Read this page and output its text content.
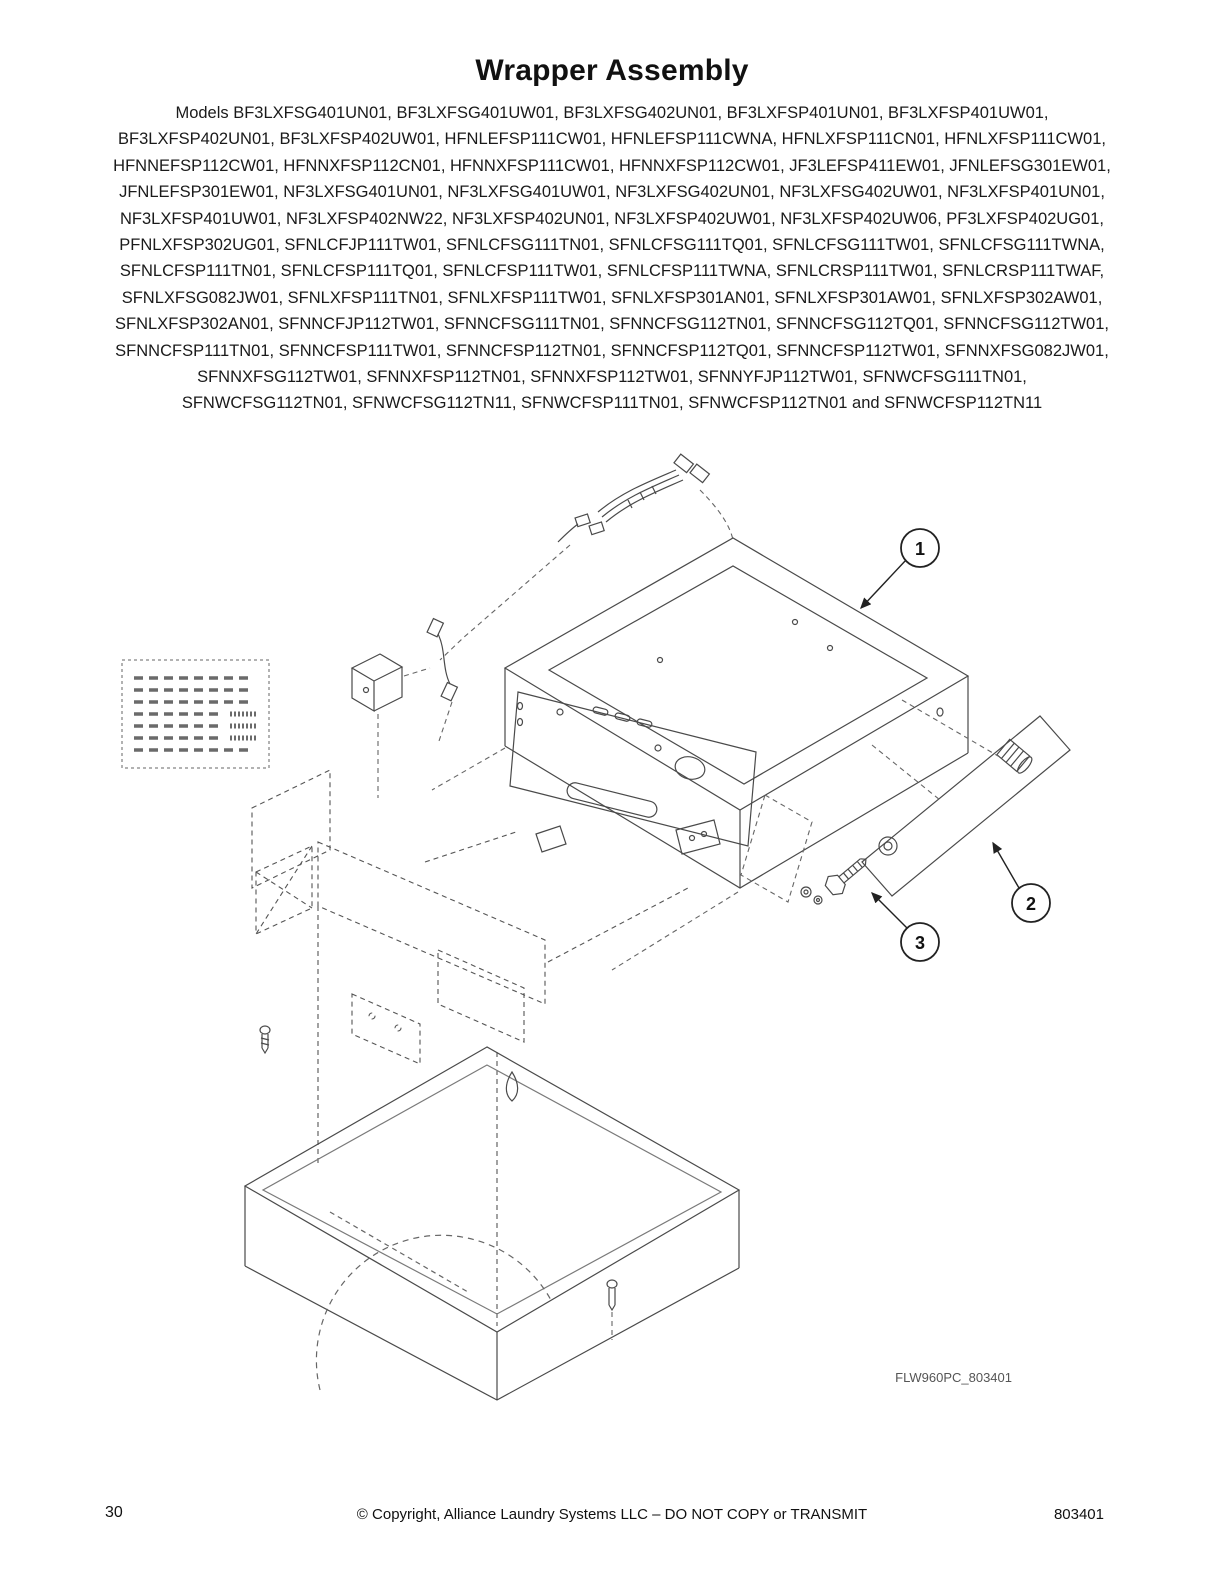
Wrapper Assembly
Models BF3LXFSG401UN01, BF3LXFSG401UW01, BF3LXFSG402UN01, BF3LXFSP401UN01, BF3LXFSP401UW01, BF3LXFSP402UN01, BF3LXFSP402UW01, HFNLEFSP111CW01, HFNLEFSP111CWNA, HFNLXFSP111CN01, HFNLXFSP111CW01, HFNNEFSP112CW01, HFNNXFSP112CN01, HFNNXFSP111CW01, HFNNXFSP112CW01, JF3LEFSP411EW01, JFNLEFSG301EW01, JFNLEFSP301EW01, NF3LXFSG401UN01, NF3LXFSG401UW01, NF3LXFSG402UN01, NF3LXFSG402UW01, NF3LXFSP401UN01, NF3LXFSP401UW01, NF3LXFSP402NW22, NF3LXFSP402UN01, NF3LXFSP402UW01, NF3LXFSP402UW06, PF3LXFSP402UG01, PFNLXFSP302UG01, SFNLCFJP111TW01, SFNLCFSG111TN01, SFNLCFSG111TQ01, SFNLCFSG111TW01, SFNLCFSG111TWNA, SFNLCFSP111TN01, SFNLCFSP111TQ01, SFNLCFSP111TW01, SFNLCFSP111TWNA, SFNLCRSP111TW01, SFNLCRSP111TWAF, SFNLXFSG082JW01, SFNLXFSP111TN01, SFNLXFSP111TW01, SFNLXFSP301AN01, SFNLXFSP301AW01, SFNLXFSP302AW01, SFNLXFSP302AN01, SFNNCFJP112TW01, SFNNCFSG111TN01, SFNNCFSG112TN01, SFNNCFSG112TQ01, SFNNCFSG112TW01, SFNNCFSP111TN01, SFNNCFSP111TW01, SFNNCFSP112TN01, SFNNCFSP112TQ01, SFNNCFSP112TW01, SFNNXFSG082JW01, SFNNXFSG112TW01, SFNNXFSP112TN01, SFNNXFSP112TW01, SFNNYFJP112TW01, SFNWCFSG111TN01, SFNWCFSG112TN01, SFNWCFSG112TN11, SFNWCFSP111TN01, SFNWCFSP112TN01 and SFNWCFSP112TN11
1
2
3
FLW960PC_803401
30	© Copyright, Alliance Laundry Systems LLC – DO NOT COPY or TRANSMIT	803401
